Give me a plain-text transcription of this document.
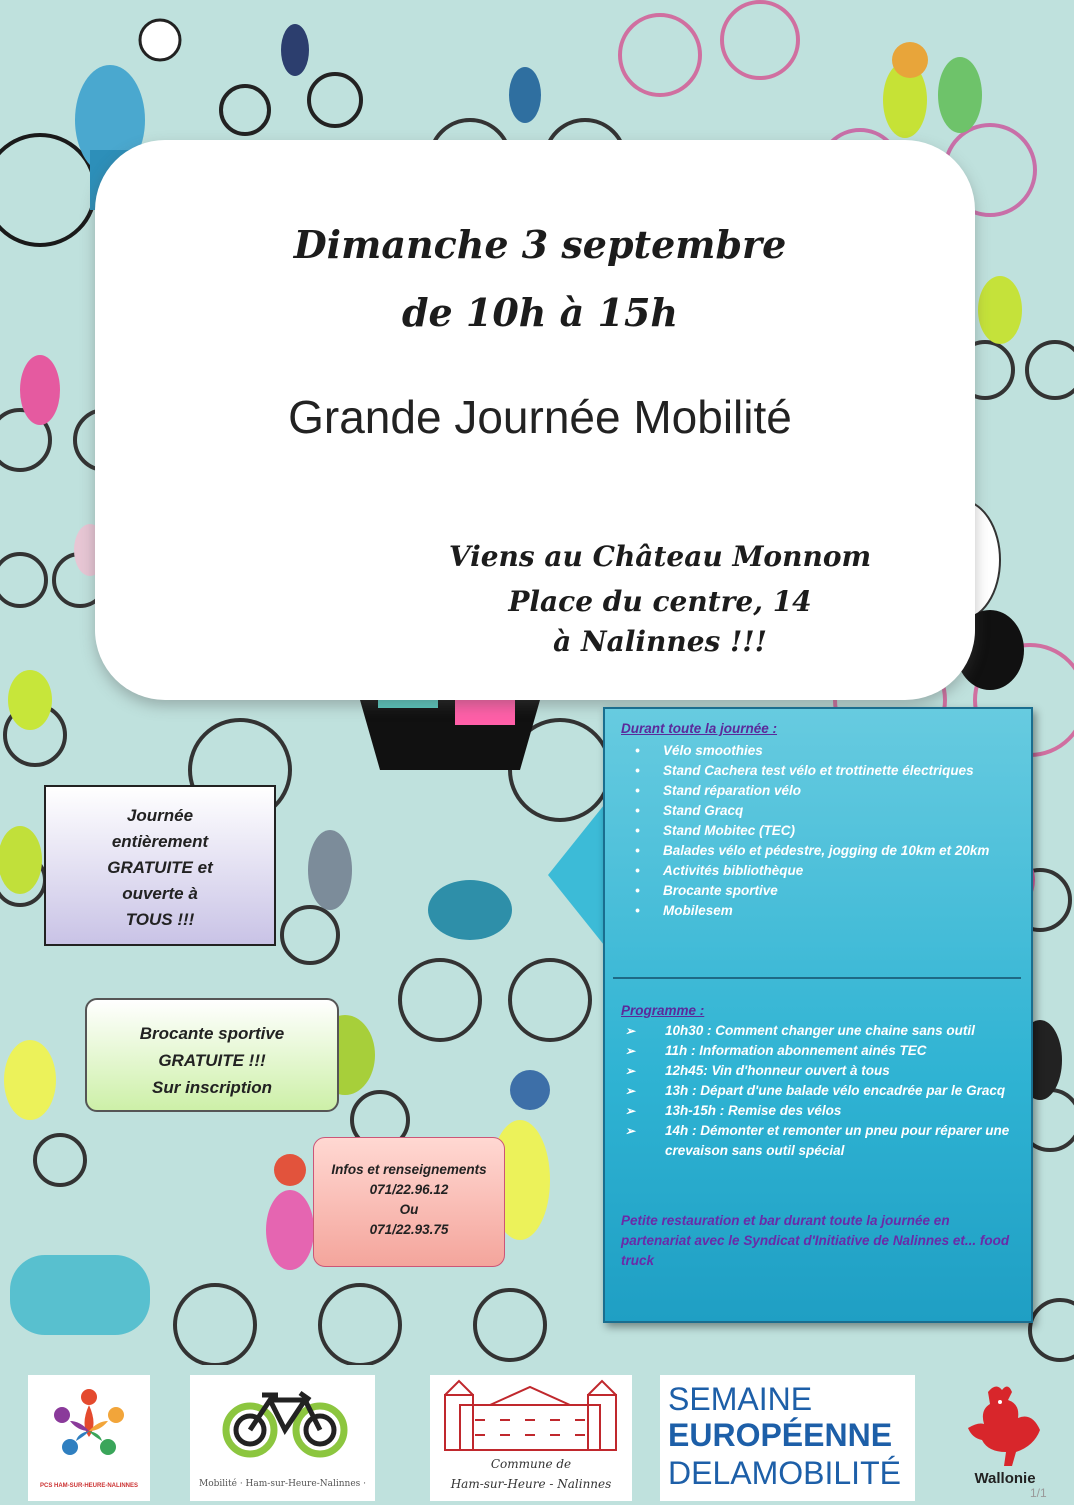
Dimanche 3 septembre
de 10h à 15h
Grande Journée Mobilité
Viens au Château Monnom
Place du centre, 14
à Nalinnes !!!
Durant toute la journée :
• Vélo smoothies
• Stand Cachera test vélo et trottinette électriques
• Stand réparation vélo
• Stand Gracq
• Stand Mobitec (TEC)
• Balades vélo et pédestre, jogging de 10km et 20km
• Activités bibliothèque
• Brocante sportive
• Mobilesem
Programme :
➢ 10h30 : Comment changer une chaine sans outil
➢ 11h : Information abonnement ainés TEC
➢ 12h45: Vin d'honneur ouvert à tous
➢ 13h : Départ d'une balade vélo encadrée par le Gracq
➢ 13h-15h : Remise des vélos
➢ 14h : Démonter et remonter un pneu pour réparer une crevaison sans outil spécial
Petite restauration et bar durant toute la journée en partenariat avec le Syndicat d'Initiative de Nalinnes et... food truck
Journée
entièrement
GRATUITE et
ouverte à
TOUS !!!
Brocante sportive
GRATUITE !!!
Sur inscription
Infos et renseignements
071/22.96.12
Ou
071/22.93.75
PCS HAM-SUR-HEURE-NALINNES	Mobilité · Ham-sur-Heure-Nalinnes ·
Commune de
Ham-sur-Heure - Nalinnes
SEMAINE
EUROPÉENNE
DELAMOBILITÉ	Wallonie
1/1
